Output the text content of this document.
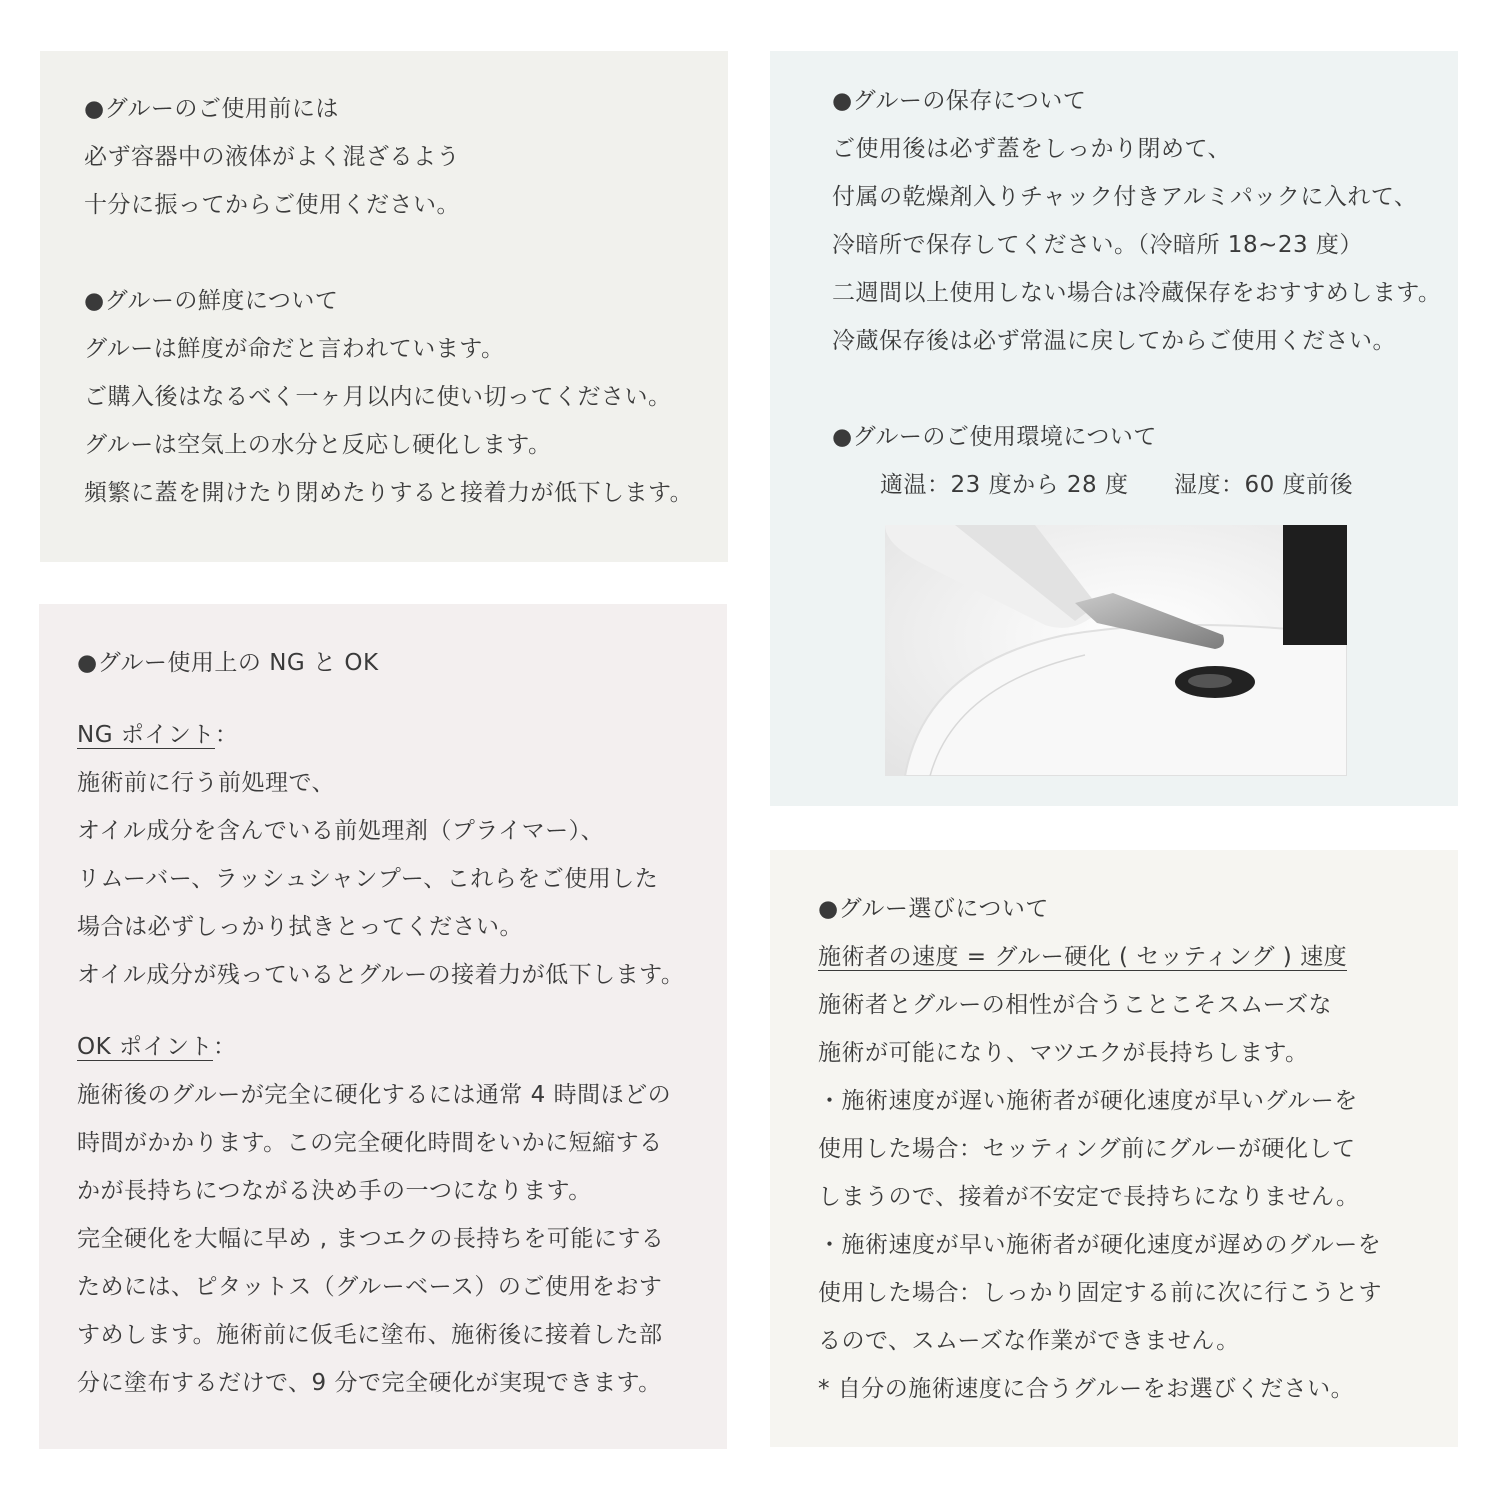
●グルーのご使用前には
必ず容器中の液体がよく混ざるよう
十分に振ってからご使用ください。
●グルーの鮮度について
グルーは鮮度が命だと言われています。
ご購入後はなるべく一ヶ月以内に使い切ってください。
グルーは空気上の水分と反応し硬化します。
頻繁に蓋を開けたり閉めたりすると接着力が低下します。
●グルーの保存について
ご使用後は必ず蓋をしっかり閉めて、
付属の乾燥剤入りチャック付きアルミパックに入れて、
冷暗所で保存してください。（冷暗所 18~23 度）
二週間以上使用しない場合は冷蔵保存をおすすめします。
冷蔵保存後は必ず常温に戻してからご使用ください。
●グルーのご使用環境について
適温：23 度から 28 度 湿度：60 度前後
●グルー使用上の NG と OK
NG ポイント：
施術前に行う前処理で、
オイル成分を含んでいる前処理剤（プライマー）、
リムーバー、ラッシュシャンプー、これらをご使用した
場合は必ずしっかり拭きとってください。
オイル成分が残っているとグルーの接着力が低下します。
OK ポイント：
施術後のグルーが完全に硬化するには通常 4 時間ほどの
時間がかかります。この完全硬化時間をいかに短縮する
かが長持ちにつながる決め手の一つになります。
完全硬化を大幅に早め , まつエクの長持ちを可能にする
ためには、ピタットス（グルーベース）のご使用をおす
すめします。施術前に仮毛に塗布、施術後に接着した部
分に塗布するだけで、9 分で完全硬化が実現できます。
●グルー選びについて
施術者の速度 = グルー硬化 ( セッティング ) 速度
施術者とグルーの相性が合うことこそスムーズな
施術が可能になり、マツエクが長持ちします。
・施術速度が遅い施術者が硬化速度が早いグルーを
使用した場合：セッティング前にグルーが硬化して
しまうので、接着が不安定で長持ちになりません。
・施術速度が早い施術者が硬化速度が遅めのグルーを
使用した場合：しっかり固定する前に次に行こうとす
るので、スムーズな作業ができません。
* 自分の施術速度に合うグルーをお選びください。
